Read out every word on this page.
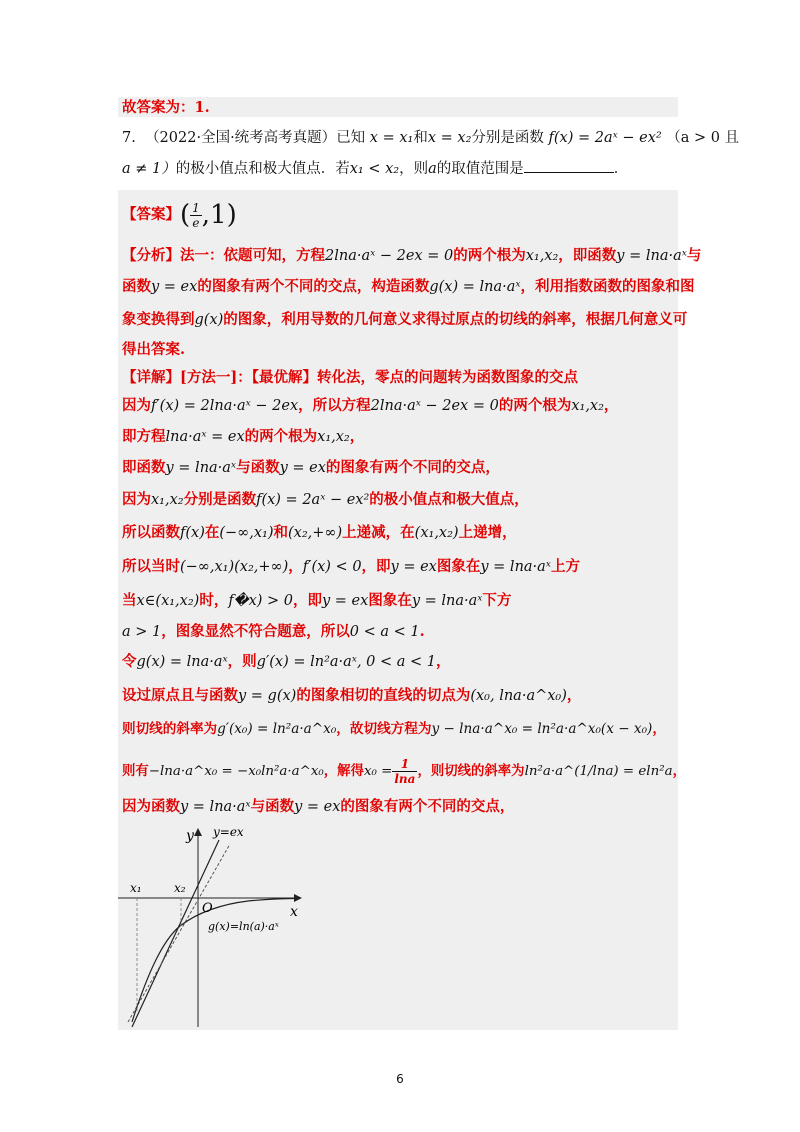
故答案为：1.
7. （2022·全国·统考高考真题）已知 x = x₁和x = x₂分别是函数 f(x) = 2aˣ − ex² （a > 0 且
a ≠ 1）的极小值点和极大值点．若x₁ < x₂，则a的取值范围是	．
【答案】( $\frac{1}{e} ,1$)
【分析】法一：依题可知，方程2lna·aˣ − 2ex = 0的两个根为x₁,x₂，即函数y = lna·aˣ与
函数y = ex的图象有两个不同的交点，构造函数g(x) = lna·aˣ，利用指数函数的图象和图
象变换得到g(x)的图象，利用导数的几何意义求得过原点的切线的斜率，根据几何意义可
得出答案.
【详解】[方法一]：【最优解】转化法，零点的问题转为函数图象的交点
因为f′(x) = 2lna·aˣ − 2ex，所以方程2lna·aˣ − 2ex = 0的两个根为x₁,x₂，
即方程lna·aˣ = ex的两个根为x₁,x₂，
即函数y = lna·aˣ与函数y = ex的图象有两个不同的交点，
因为x₁,x₂分别是函数f(x) = 2aˣ − ex²的极小值点和极大值点，
所以函数f(x)在(−∞,x₁)和(x₂,+∞)上递减，在(x₁,x₂)上递增，
所以当时(−∞,x₁)(x₂,+∞)，f′(x) < 0，即y = ex图象在y = lna·aˣ上方
当x∈(x₁,x₂)时，f�x) > 0，即y = ex图象在y = lna·aˣ下方
a > 1，图象显然不符合题意，所以0 < a < 1.
令g(x) = lna·aˣ，则g′(x) = ln²a·aˣ, 0 < a < 1，
设过原点且与函数y = g(x)的图象相切的直线的切点为(x₀, lna·a^x₀)，
则切线的斜率为g′(x₀) = ln²a·a^x₀，故切线方程为y − lna·a^x₀ = ln²a·a^x₀(x − x₀)，
则有−lna·a^x₀ = −x₀ln²a·a^x₀，解得$x_0 = \frac{1}{\ln a}$ ，则切线的斜率为ln²a·a^(1/lna) = eln²a，
因为函数y = lna·aˣ与函数y = ex的图象有两个不同的交点，
y y=ex
x
O
x₁	x₂
g(x)=ln(a)·aˣ
6
